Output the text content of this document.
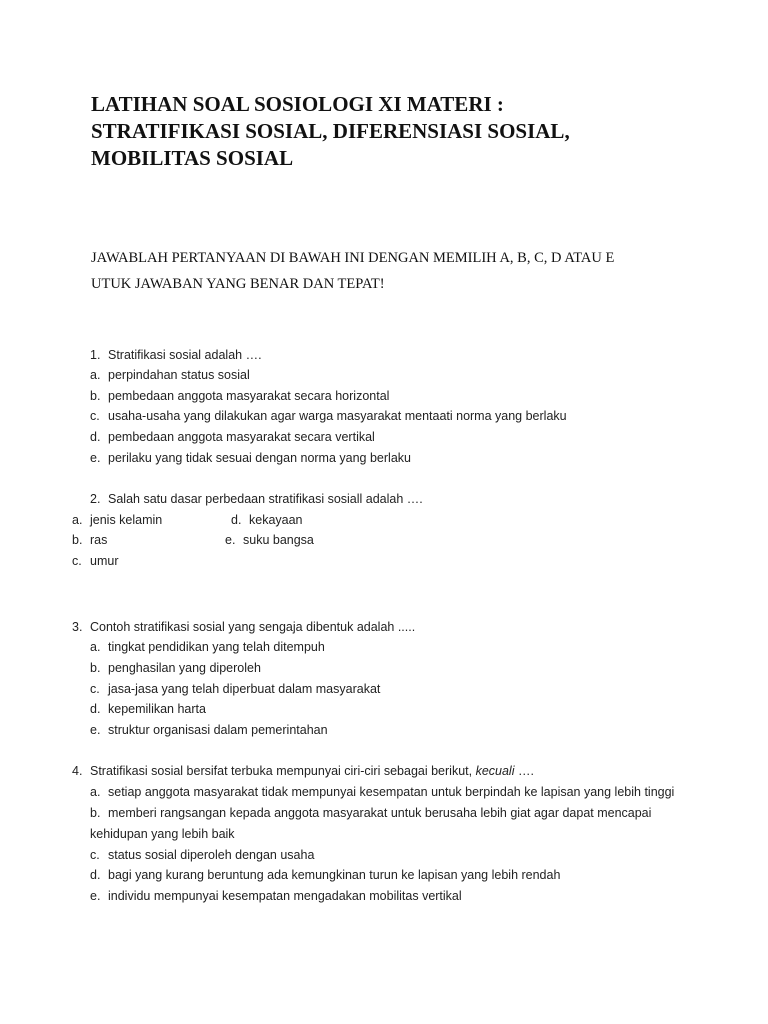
LATIHAN SOAL SOSIOLOGI XI MATERI :
STRATIFIKASI SOSIAL, DIFERENSIASI SOSIAL,
MOBILITAS SOSIAL
JAWABLAH PERTANYAAN DI BAWAH INI DENGAN MEMILIH A, B, C, D ATAU E
UTUK JAWABAN YANG BENAR DAN TEPAT!
1. Stratifikasi sosial adalah ….
a. perpindahan status sosial
b. pembedaan anggota masyarakat secara horizontal
c. usaha-usaha yang dilakukan agar warga masyarakat mentaati norma yang berlaku
d. pembedaan anggota masyarakat secara vertikal
e. perilaku yang tidak sesuai dengan norma yang berlaku
2. Salah satu dasar perbedaan stratifikasi sosiall adalah ….
a. jenis kelamin
b. ras
c. umur
d. kekayaan
e. suku bangsa
3. Contoh stratifikasi sosial yang sengaja dibentuk adalah .....
a. tingkat pendidikan yang telah ditempuh
b. penghasilan yang diperoleh
c. jasa-jasa yang telah diperbuat dalam masyarakat
d. kepemilikan harta
e. struktur organisasi dalam pemerintahan
4. Stratifikasi sosial bersifat terbuka mempunyai ciri-ciri sebagai berikut, kecuali ….
a. setiap anggota masyarakat tidak mempunyai kesempatan untuk berpindah ke lapisan yang lebih tinggi
b. memberi rangsangan kepada anggota masyarakat untuk berusaha lebih giat agar dapat mencapai
kehidupan yang lebih baik
c. status sosial diperoleh dengan usaha
d. bagi yang kurang beruntung ada kemungkinan turun ke lapisan yang lebih rendah
e. individu mempunyai kesempatan mengadakan mobilitas vertikal
